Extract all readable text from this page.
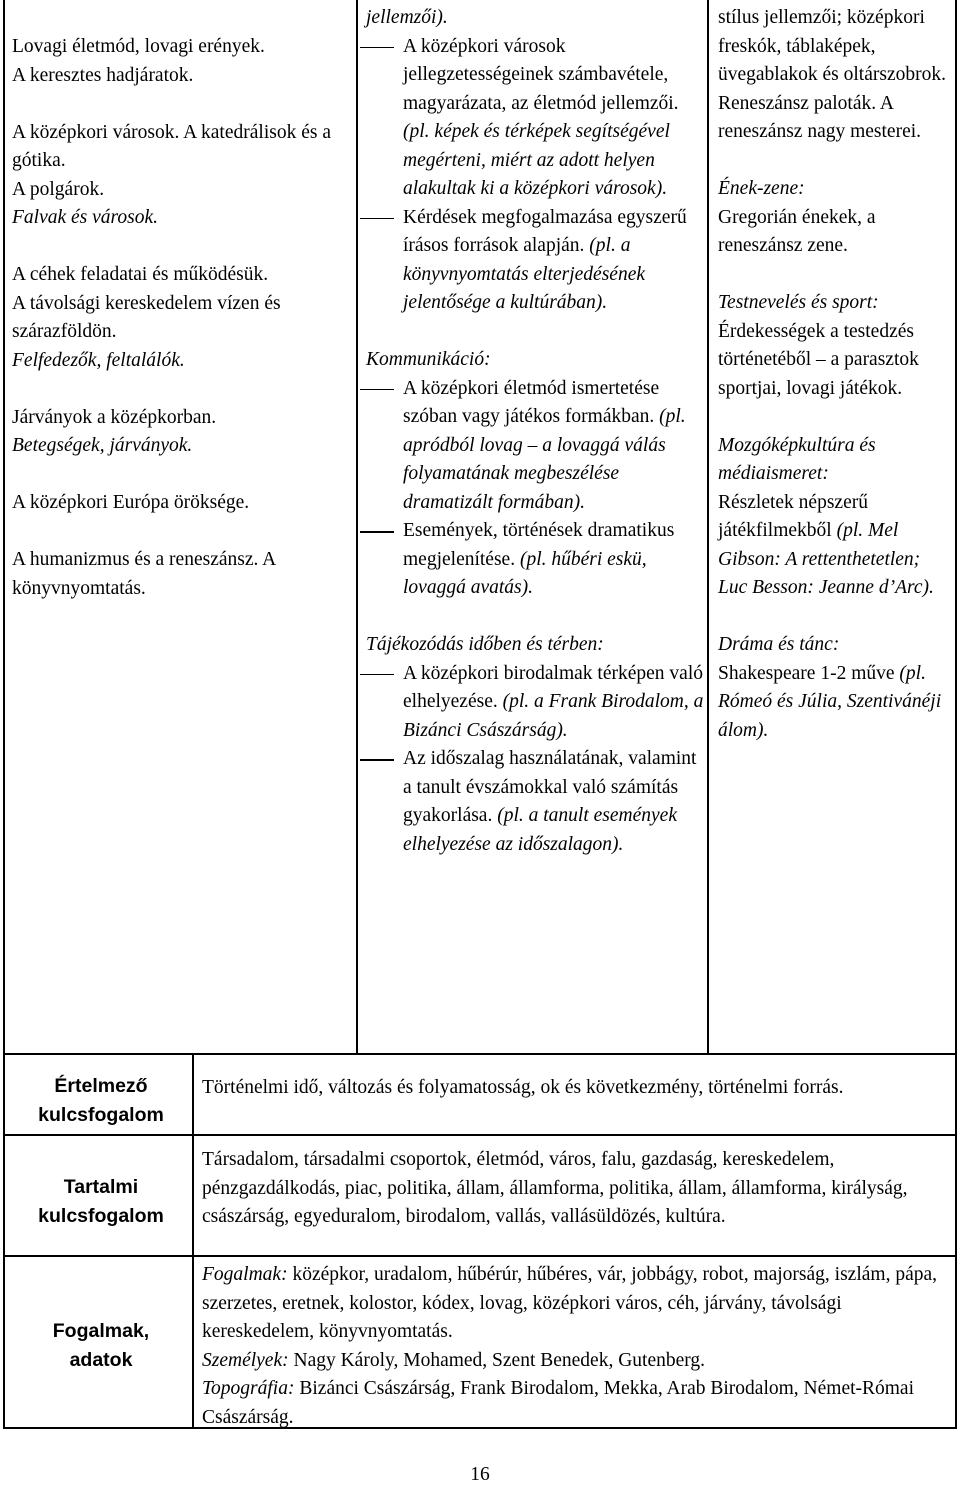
Lovagi életmód, lovagi erények.

A keresztes hadjáratok.

A középkori városok. A katedrálisok és a gótika.

A polgárok.

Falvak és városok.

A céhek feladatai és működésük.

A távolsági kereskedelem vízen és szárazföldön.

Felfedezők, feltalálók.

Járványok a középkorban.

Betegségek, járványok.

A középkori Európa öröksége.

A humanizmus és a reneszánsz. A könyvnyomtatás.

jellemzői).

A középkori városok jellegzetességeinek számbavétele, magyarázata, az életmód jellemzői. (pl. képek és térképek segítségével megérteni, miért az adott helyen alakultak ki a középkori városok).

Kérdések megfogalmazása egyszerű írásos források alapján. (pl. a könyvnyomtatás elterjedésének jelentősége a kultúrában).

Kommunikáció:

A középkori életmód ismertetése szóban vagy játékos formákban. (pl. apródból lovag – a lovaggá válás folyamatának megbeszélése dramatizált formában).

Események, történések dramatikus megjelenítése. (pl. hűbéri eskü, lovaggá avatás).

Tájékozódás időben és térben:

A középkori birodalmak térképen való elhelyezése. (pl. a Frank Birodalom, a Bizánci Császárság).

Az időszalag használatának, valamint a tanult évszámokkal való számítás gyakorlása. (pl. a tanult események elhelyezése az időszalagon).

stílus jellemzői; középkori freskók, táblaképek, üvegablakok és oltárszobrok. Reneszánsz paloták. A reneszánsz nagy mesterei.

Ének-zene:

Gregorián énekek, a reneszánsz zene.

Testnevelés és sport:

Érdekességek a testedzés történetéből – a parasztok sportjai, lovagi játékok.

Mozgóképkultúra és médiaismeret:

Részletek népszerű játékfilmekből (pl. Mel Gibson: A rettenthetetlen; Luc Besson: Jeanne d’Arc).

Dráma és tánc:

Shakespeare 1-2 műve (pl. Rómeó és Júlia, Szentivánéji álom).

Értelmező kulcsfogalom
Tartalmi kulcsfogalom
Fogalmak, adatok
Történelmi idő, változás és folyamatosság, ok és következmény, történelmi forrás.
Társadalom, társadalmi csoportok, életmód, város, falu, gazdaság, kereskedelem, pénzgazdálkodás, piac, politika, állam, államforma, politika, állam, államforma, királyság, császárság, egyeduralom, birodalom, vallás, vallásüldözés, kultúra.

Fogalmak: középkor, uradalom, hűbérúr, hűbéres, vár, jobbágy, robot, majorság, iszlám, pápa, szerzetes, eretnek, kolostor, kódex, lovag, középkori város, céh, járvány, távolsági kereskedelem, könyvnyomtatás.

Személyek: Nagy Károly, Mohamed, Szent Benedek, Gutenberg.

Topográfia: Bizánci Császárság, Frank Birodalom, Mekka, Arab Birodalom, Német-Római Császárság.

16
